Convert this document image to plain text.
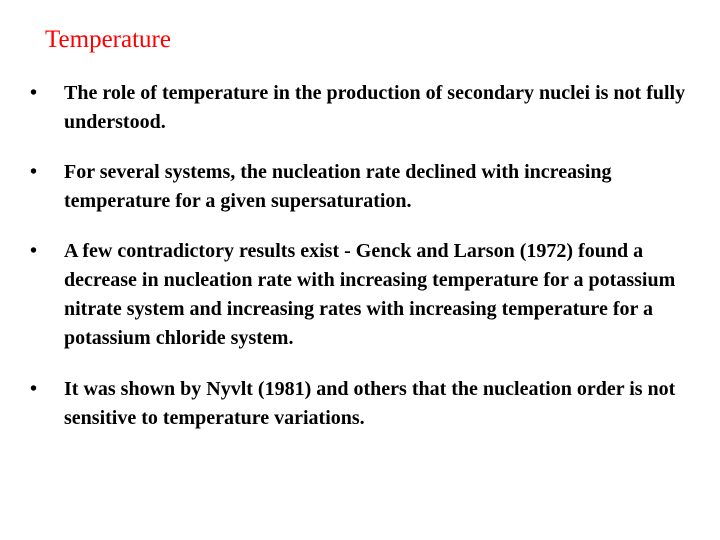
Temperature
•	The role of temperature in the production of secondary nuclei is not fully understood.
•	For several systems, the nucleation rate declined with increasing temperature for a given supersaturation.
•	A few contradictory results exist - Genck and Larson (1972) found a decrease in nucleation rate with increasing temperature for a potassium nitrate system and increasing rates with increasing temperature for a potassium chloride system.
•	It was shown by Nyvlt (1981) and others that the nucleation order is not sensitive to temperature variations.
